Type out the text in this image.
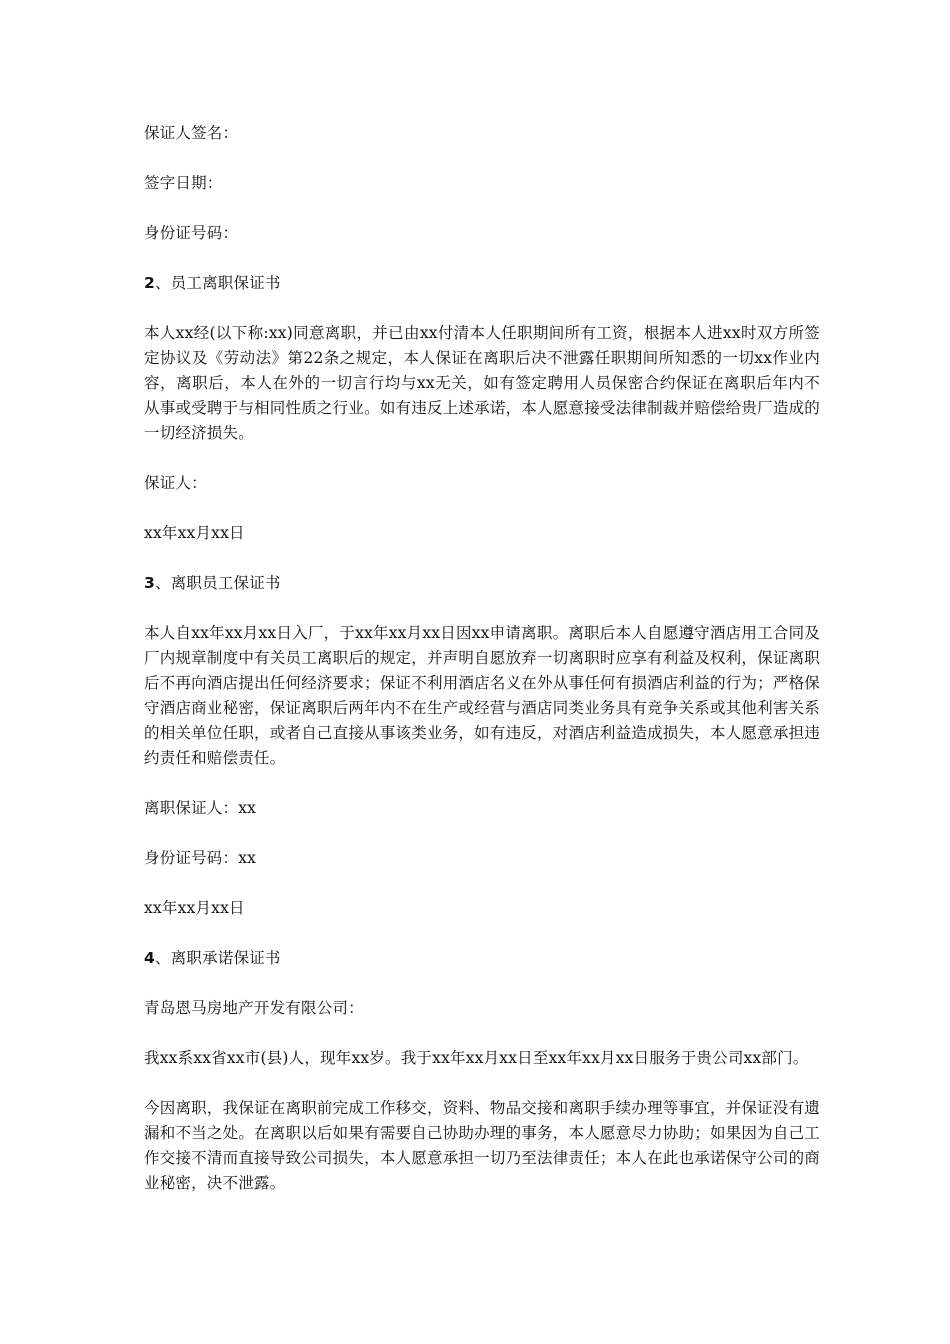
保证人签名：

签字日期：

身份证号码：

2、员工离职保证书

本人xx经(以下称:xx)同意离职，并已由xx付清本人任职期间所有工资，根据本人进xx时双方所签定协议及《劳动法》第22条之规定，本人保证在离职后决不泄露任职期间所知悉的一切xx作业内容，离职后，本人在外的一切言行均与xx无关，如有签定聘用人员保密合约保证在离职后年内不从事或受聘于与相同性质之行业。如有违反上述承诺，本人愿意接受法律制裁并赔偿给贵厂造成的一切经济损失。

保证人：

xx年xx月xx日

3、离职员工保证书

本人自xx年xx月xx日入厂，于xx年xx月xx日因xx申请离职。离职后本人自愿遵守酒店用工合同及厂内规章制度中有关员工离职后的规定，并声明自愿放弃一切离职时应享有利益及权利，保证离职后不再向酒店提出任何经济要求；保证不利用酒店名义在外从事任何有损酒店利益的行为；严格保守酒店商业秘密，保证离职后两年内不在生产或经营与酒店同类业务具有竞争关系或其他利害关系的相关单位任职，或者自己直接从事该类业务，如有违反，对酒店利益造成损失，本人愿意承担违约责任和赔偿责任。

离职保证人：xx

身份证号码：xx

xx年xx月xx日

4、离职承诺保证书

青岛恩马房地产开发有限公司：

我xx系xx省xx市(县)人，现年xx岁。我于xx年xx月xx日至xx年xx月xx日服务于贵公司xx部门。

今因离职，我保证在离职前完成工作移交，资料、物品交接和离职手续办理等事宜，并保证没有遗漏和不当之处。在离职以后如果有需要自己协助办理的事务，本人愿意尽力协助；如果因为自己工作交接不清而直接导致公司损失，本人愿意承担一切乃至法律责任；本人在此也承诺保守公司的商业秘密，决不泄露。
